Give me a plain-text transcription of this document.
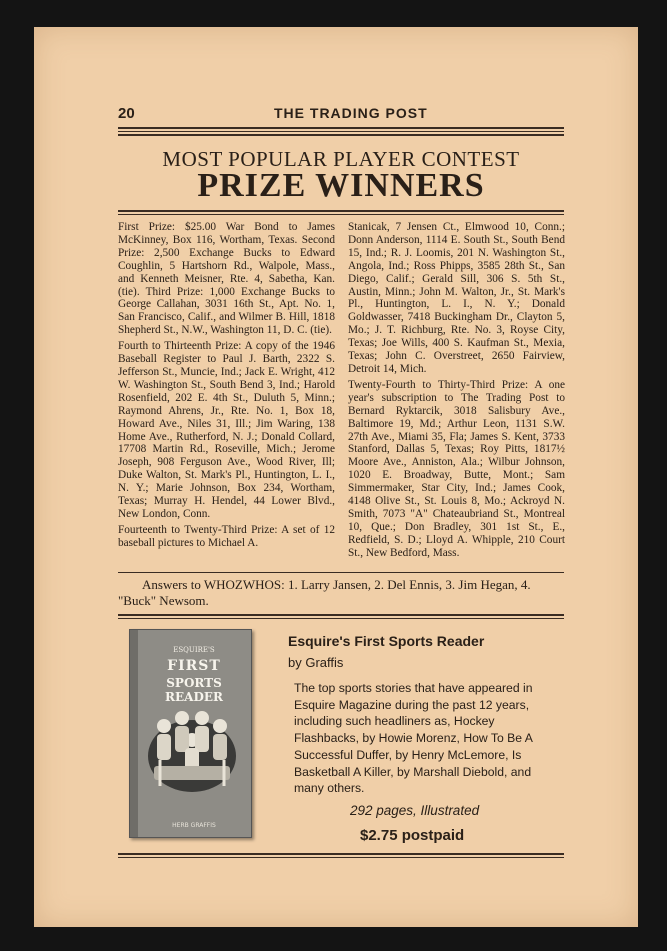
20	THE TRADING POST
MOST POPULAR PLAYER CONTEST
PRIZE WINNERS

First Prize: $25.00 War Bond to James McKinney, Box 116, Wortham, Texas. Second Prize: 2,500 Exchange Bucks to Edward Coughlin, 5 Hartshorn Rd., Walpole, Mass., and Kenneth Meisner, Rte. 4, Sabetha, Kan. (tie). Third Prize: 1,000 Exchange Bucks to George Callahan, 3031 16th St., Apt. No. 1, San Francisco, Calif., and Wilmer B. Hill, 1818 Shepherd St., N.W., Washington 11, D. C. (tie).

Fourth to Thirteenth Prize: A copy of the 1946 Baseball Register to Paul J. Barth, 2322 S. Jefferson St., Muncie, Ind.; Jack E. Wright, 412 W. Washington St., South Bend 3, Ind.; Harold Rosenfield, 202 E. 4th St., Duluth 5, Minn.; Raymond Ahrens, Jr., Rte. No. 1, Box 18, Howard Ave., Niles 31, Ill.; Jim Waring, 138 Home Ave., Rutherford, N. J.; Donald Collard, 17708 Martin Rd., Roseville, Mich.; Jerome Joseph, 908 Ferguson Ave., Wood River, Ill; Duke Walton, St. Mark's Pl., Huntington, L. I., N. Y.; Marie Johnson, Box 234, Wortham, Texas; Murray H. Hendel, 44 Lower Blvd., New London, Conn.

Fourteenth to Twenty-Third Prize: A set of 12 baseball pictures to Michael A.

Stanicak, 7 Jensen Ct., Elmwood 10, Conn.; Donn Anderson, 1114 E. South St., South Bend 15, Ind.; R. J. Loomis, 201 N. Washington St., Angola, Ind.; Ross Phipps, 3585 28th St., San Diego, Calif.; Gerald Sill, 306 S. 5th St., Austin, Minn.; John M. Walton, Jr., St. Mark's Pl., Huntington, L. I., N. Y.; Donald Goldwasser, 7418 Buckingham Dr., Clayton 5, Mo.; J. T. Richburg, Rte. No. 3, Royse City, Texas; Joe Wills, 400 S. Kaufman St., Mexia, Texas; John C. Overstreet, 2650 Fairview, Detroit 14, Mich.

Twenty-Fourth to Thirty-Third Prize: A one year's subscription to The Trading Post to Bernard Ryktarcik, 3018 Salisbury Ave., Baltimore 19, Md.; Arthur Leon, 1131 S.W. 27th Ave., Miami 35, Fla; James S. Kent, 3733 Stanford, Dallas 5, Texas; Roy Pitts, 1817½ Moore Ave., Anniston, Ala.; Wilbur Johnson, 1020 E. Broadway, Butte, Mont.; Sam Simmermaker, Star City, Ind.; James Cook, 4148 Olive St., St. Louis 8, Mo.; Ackroyd N. Smith, 7073 "A" Chateaubriand St., Montreal 10, Que.; Don Bradley, 301 1st St., E., Redfield, S. D.; Lloyd A. Whipple, 210 Court St., New Bedford, Mass.

Answers to WHOZWHOS: 1. Larry Jansen, 2. Del Ennis, 3. Jim Hegan, 4. "Buck" Newsom.
ESQUIRE'S
FIRST
SPORTS READER
HERB GRAFFIS
Esquire's First Sports Reader
by Graffis
The top sports stories that have appeared in Esquire Magazine during the past 12 years, including such headliners as, Hockey Flashbacks, by Howie Morenz, How To Be A Successful Duffer, by Henry McLemore, Is Basketball A Killer, by Marshall Diebold, and many others.
292 pages, Illustrated
$2.75 postpaid
